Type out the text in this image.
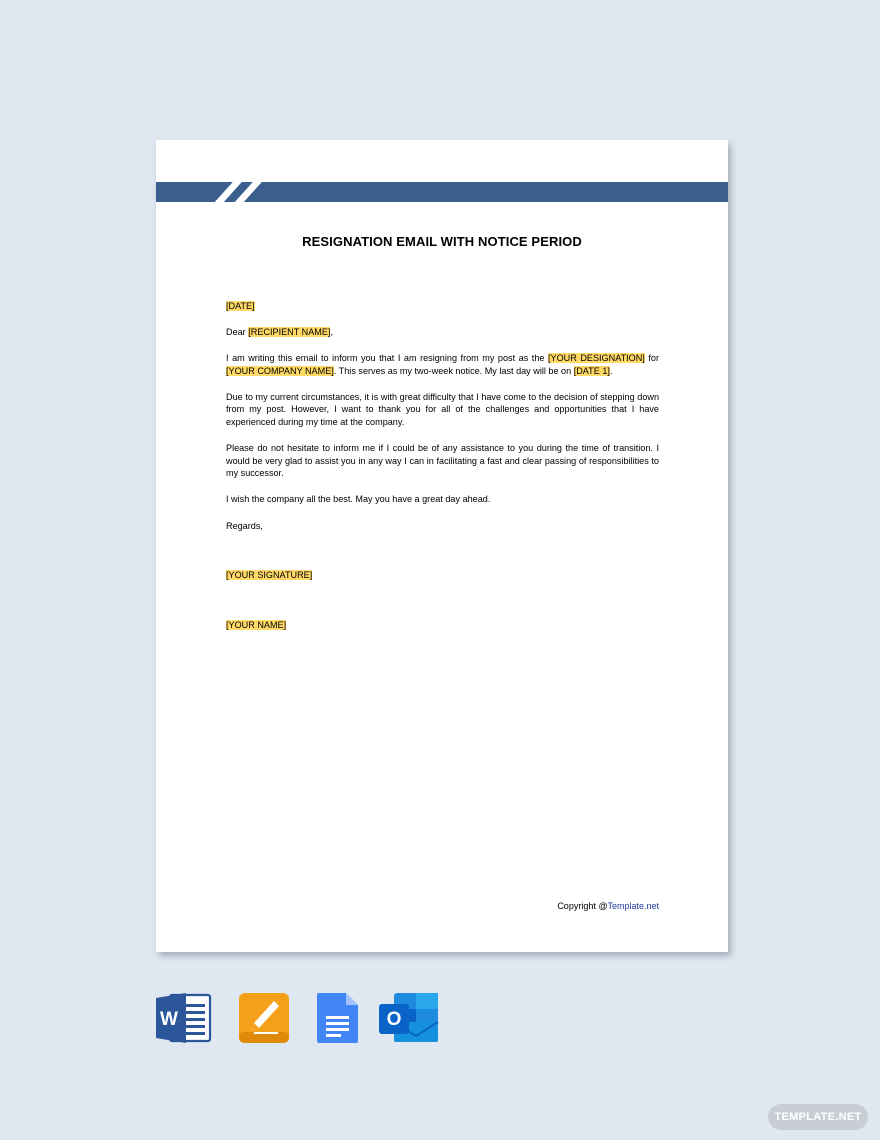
RESIGNATION EMAIL WITH NOTICE PERIOD

[DATE]

Dear [RECIPIENT NAME],

I am writing this email to inform you that I am resigning from my post as the [YOUR DESIGNATION] for [YOUR COMPANY NAME]. This serves as my two-week notice. My last day will be on [DATE 1].

Due to my current circumstances, it is with great difficulty that I have come to the decision of stepping down from my post. However, I want to thank you for all of the challenges and opportunities that I have experienced during my time at the company.

Please do not hesitate to inform me if I could be of any assistance to you during the time of transition. I would be very glad to assist you in any way I can in facilitating a fast and clear passing of responsibilities to my successor.

I wish the company all the best. May you have a great day ahead.

Regards,

[YOUR SIGNATURE]

[YOUR NAME]

Copyright @Template.net
W	O
TEMPLATE.NET
